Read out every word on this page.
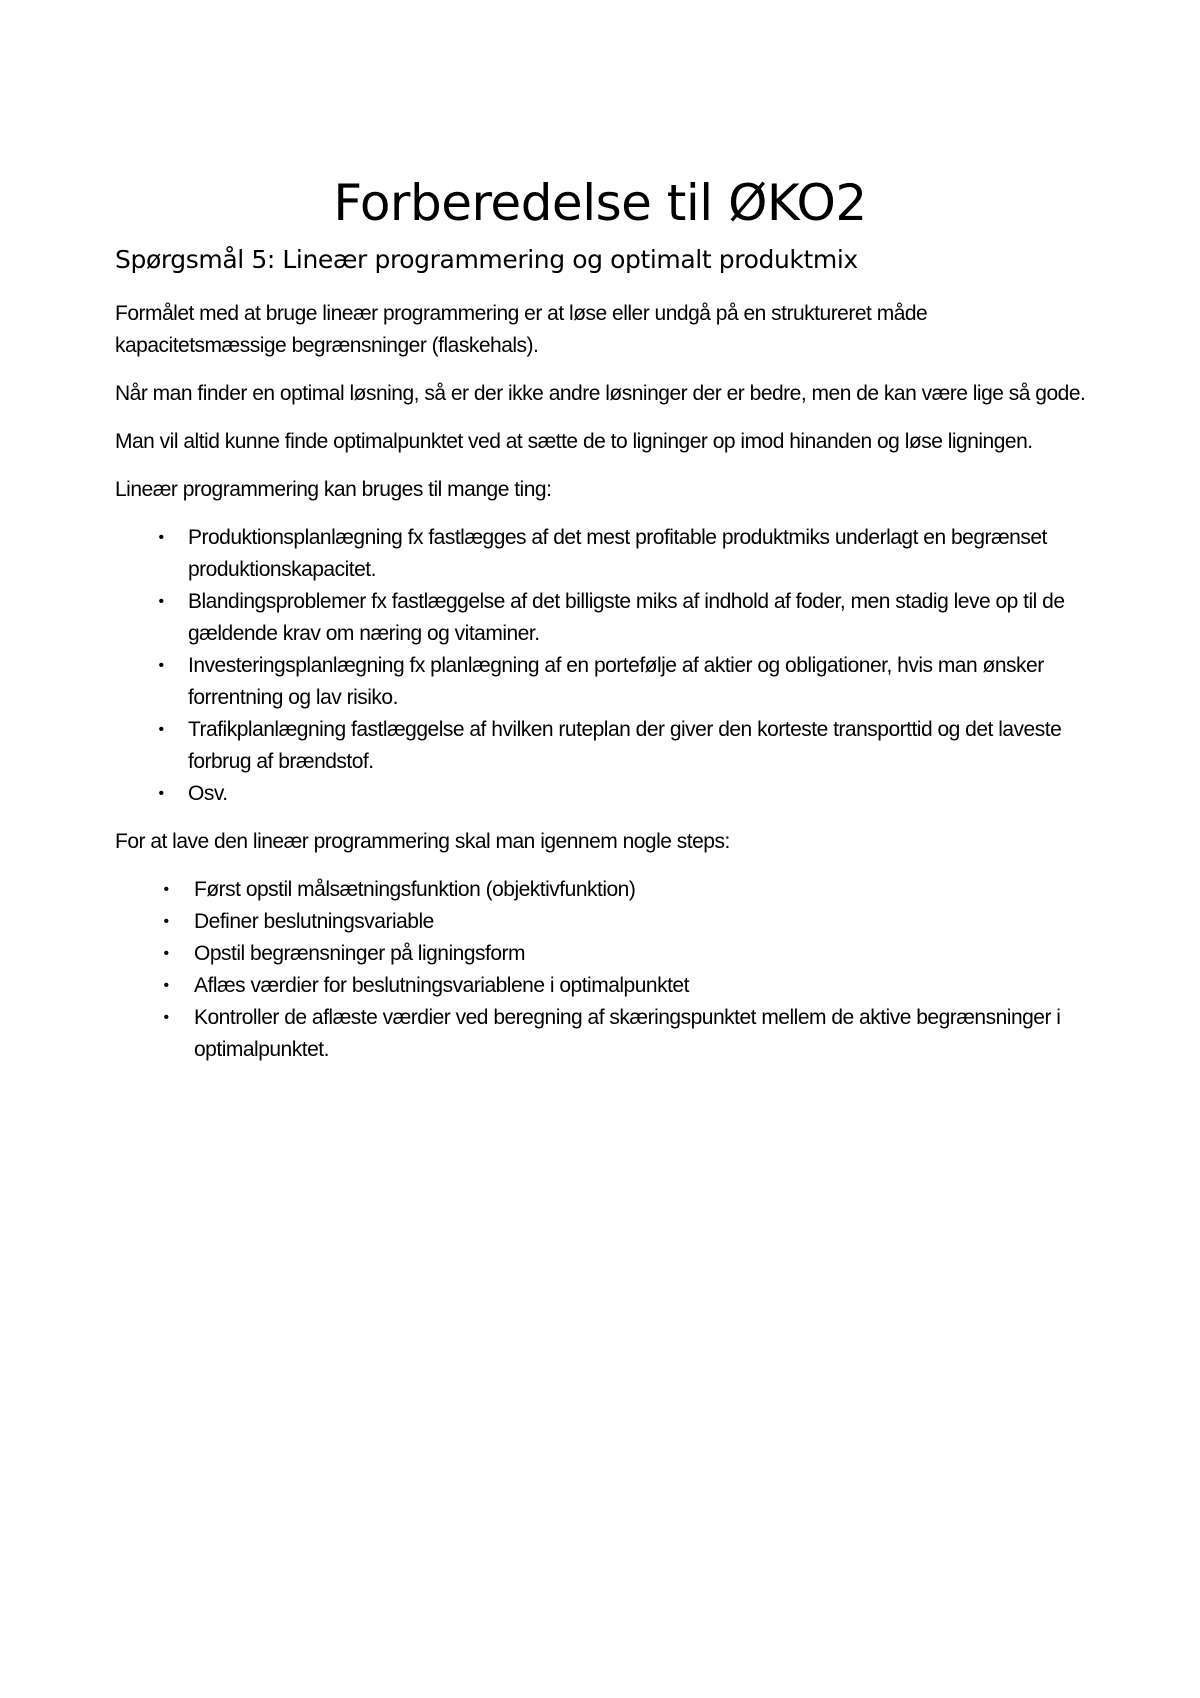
Forberedelse til ØKO2
Spørgsmål 5: Lineær programmering og optimalt produktmix

Formålet med at bruge lineær programmering er at løse eller undgå på en struktureret måde kapacitetsmæssige begrænsninger (flaskehals).

Når man finder en optimal løsning, så er der ikke andre løsninger der er bedre, men de kan være lige så gode.

Man vil altid kunne finde optimalpunktet ved at sætte de to ligninger op imod hinanden og løse ligningen.

Lineær programmering kan bruges til mange ting:

•	Produktionsplanlægning fx fastlægges af det mest profitable produktmiks underlagt en begrænset produktionskapacitet.
•	Blandingsproblemer fx fastlæggelse af det billigste miks af indhold af foder, men stadig leve op til de gældende krav om næring og vitaminer.
•	Investeringsplanlægning fx planlægning af en portefølje af aktier og obligationer, hvis man ønsker forrentning og lav risiko.
•	Trafikplanlægning fastlæggelse af hvilken ruteplan der giver den korteste transporttid og det laveste forbrug af brændstof.
•	Osv.

For at lave den lineær programmering skal man igennem nogle steps:

•	Først opstil målsætningsfunktion (objektivfunktion)
•	Definer beslutningsvariable
•	Opstil begrænsninger på ligningsform
•	Aflæs værdier for beslutningsvariablene i optimalpunktet
•	Kontroller de aflæste værdier ved beregning af skæringspunktet mellem de aktive begrænsninger i optimalpunktet.
